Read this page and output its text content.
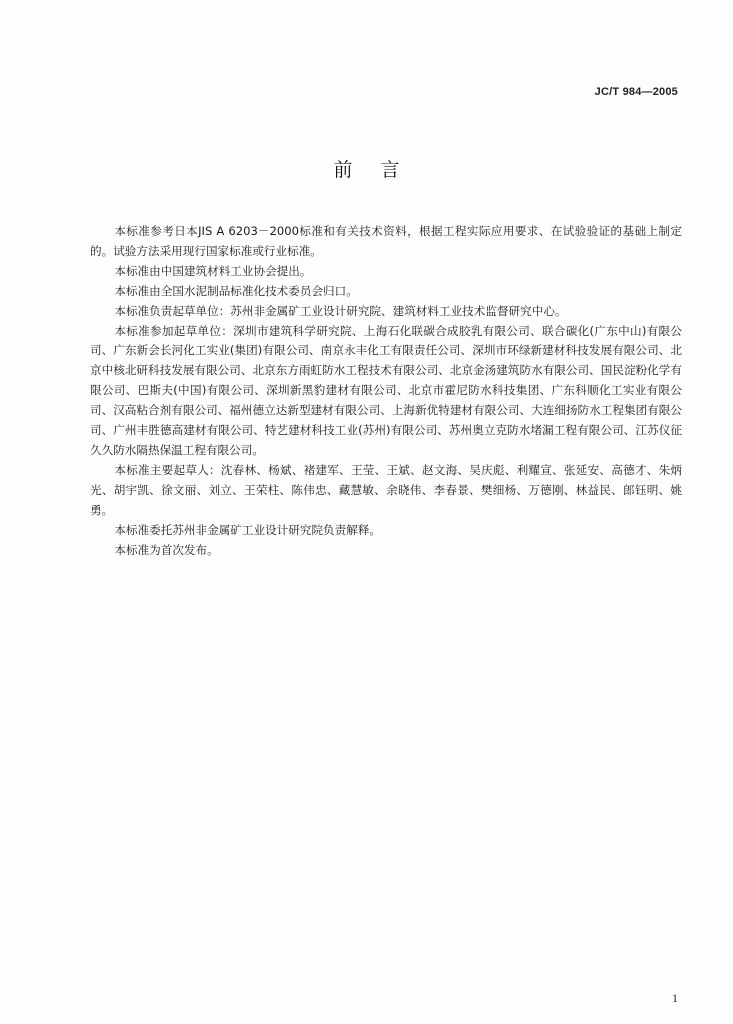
JC/T 984—2005
前言

本标准参考日本JIS A 6203－2000标准和有关技术资料，根据工程实际应用要求、在试验验证的基础上制定的。试验方法采用现行国家标准或行业标准。

本标准由中国建筑材料工业协会提出。

本标准由全国水泥制品标准化技术委员会归口。

本标准负责起草单位：苏州非金属矿工业设计研究院、建筑材料工业技术监督研究中心。

本标准参加起草单位：深圳市建筑科学研究院、上海石化联碳合成胶乳有限公司、联合碳化(广东中山)有限公司、广东新会长河化工实业(集团)有限公司、南京永丰化工有限责任公司、深圳市环绿新建材科技发展有限公司、北京中核北研科技发展有限公司、北京东方雨虹防水工程技术有限公司、北京金汤建筑防水有限公司、国民淀粉化学有限公司、巴斯夫(中国)有限公司、深圳新黑豹建材有限公司、北京市霍尼防水科技集团、广东科顺化工实业有限公司、汉高粘合剂有限公司、福州德立达新型建材有限公司、上海新优特建材有限公司、大连细扬防水工程集团有限公司、广州丰胜德高建材有限公司、特艺建材科技工业(苏州)有限公司、苏州奥立克防水堵漏工程有限公司、江苏仪征久久防水隔热保温工程有限公司。

本标准主要起草人：沈春林、杨斌、褚建军、王莹、王斌、赵文海、吴庆彪、利耀宣、张延安、高德才、朱炳光、胡宇凯、徐文丽、刘立、王荣柱、陈伟忠、藏慧敏、余晓伟、李春景、樊细杨、万德刚、林益民、郎钰明、姚勇。

本标准委托苏州非金属矿工业设计研究院负责解释。

本标准为首次发布。

1
